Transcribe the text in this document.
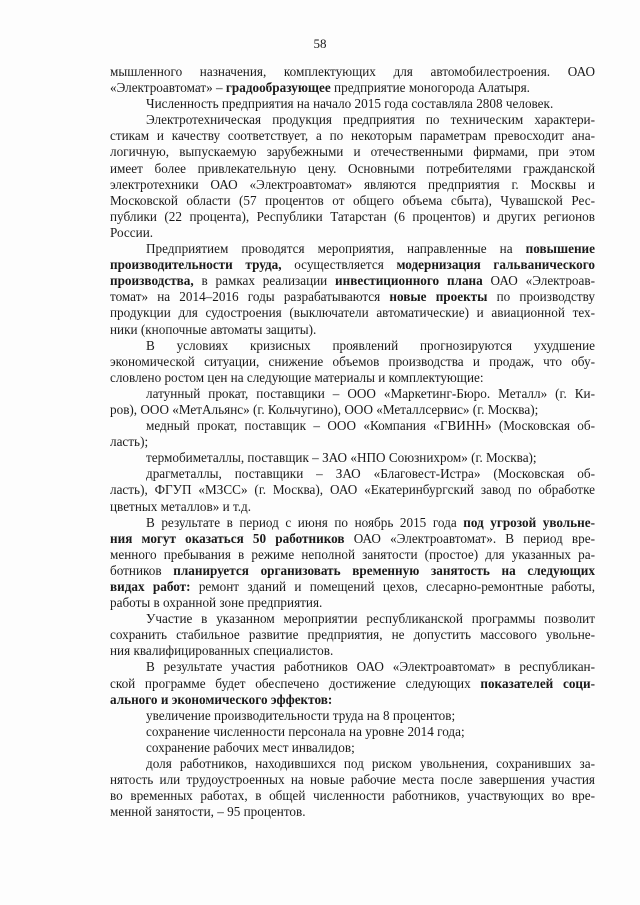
58
мышленного назначения, комплектующих для автомобилестроения. ОАО
«Электроавтомат» – градообразующее предприятие моногорода Алатыря.
Численность предприятия на начало 2015 года составляла 2808 человек.
Электротехническая продукция предприятия по техническим характери-
стикам и качеству соответствует, а по некоторым параметрам превосходит ана-
логичную, выпускаемую зарубежными и отечественными фирмами, при этом
имеет более привлекательную цену. Основными потребителями гражданской
электротехники ОАО «Электроавтомат» являются предприятия г. Москвы и
Московской области (57 процентов от общего объема сбыта), Чувашской Рес-
публики (22 процента), Республики Татарстан (6 процентов) и других регионов
России.
Предприятием проводятся мероприятия, направленные на повышение
производительности труда, осуществляется модернизация гальванического
производства, в рамках реализации инвестиционного плана ОАО «Электроав-
томат» на 2014–2016 годы разрабатываются новые проекты по производству
продукции для судостроения (выключатели автоматические) и авиационной тех-
ники (кнопочные автоматы защиты).
В условиях кризисных проявлений прогнозируются ухудшение
экономической ситуации, снижение объемов производства и продаж, что обу-
словлено ростом цен на следующие материалы и комплектующие:
латунный прокат, поставщики – ООО «Маркетинг-Бюро. Металл» (г. Ки-
ров), ООО «МетАльянс» (г. Кольчугино), ООО «Металлсервис» (г. Москва);
медный прокат, поставщик – ООО «Компания «ГВИНН» (Московская об-
ласть);
термобиметаллы, поставщик – ЗАО «НПО Союзнихром» (г. Москва);
драгметаллы, поставщики – ЗАО «Благовест-Истра» (Московская об-
ласть), ФГУП «МЗСС» (г. Москва), ОАО «Екатеринбургский завод по обработке
цветных металлов» и т.д.
В результате в период с июня по ноябрь 2015 года под угрозой увольне-
ния могут оказаться 50 работников ОАО «Электроавтомат». В период вре-
менного пребывания в режиме неполной занятости (простое) для указанных ра-
ботников планируется организовать временную занятость на следующих
видах работ: ремонт зданий и помещений цехов, слесарно-ремонтные работы,
работы в охранной зоне предприятия.
Участие в указанном мероприятии республиканской программы позволит
сохранить стабильное развитие предприятия, не допустить массового увольне-
ния квалифицированных специалистов.
В результате участия работников ОАО «Электроавтомат» в республикан-
ской программе будет обеспечено достижение следующих показателей соци-
ального и экономического эффектов:
увеличение производительности труда на 8 процентов;
сохранение численности персонала на уровне 2014 года;
сохранение рабочих мест инвалидов;
доля работников, находившихся под риском увольнения, сохранивших за-
нятость или трудоустроенных на новые рабочие места после завершения участия
во временных работах, в общей численности работников, участвующих во вре-
менной занятости, – 95 процентов.
